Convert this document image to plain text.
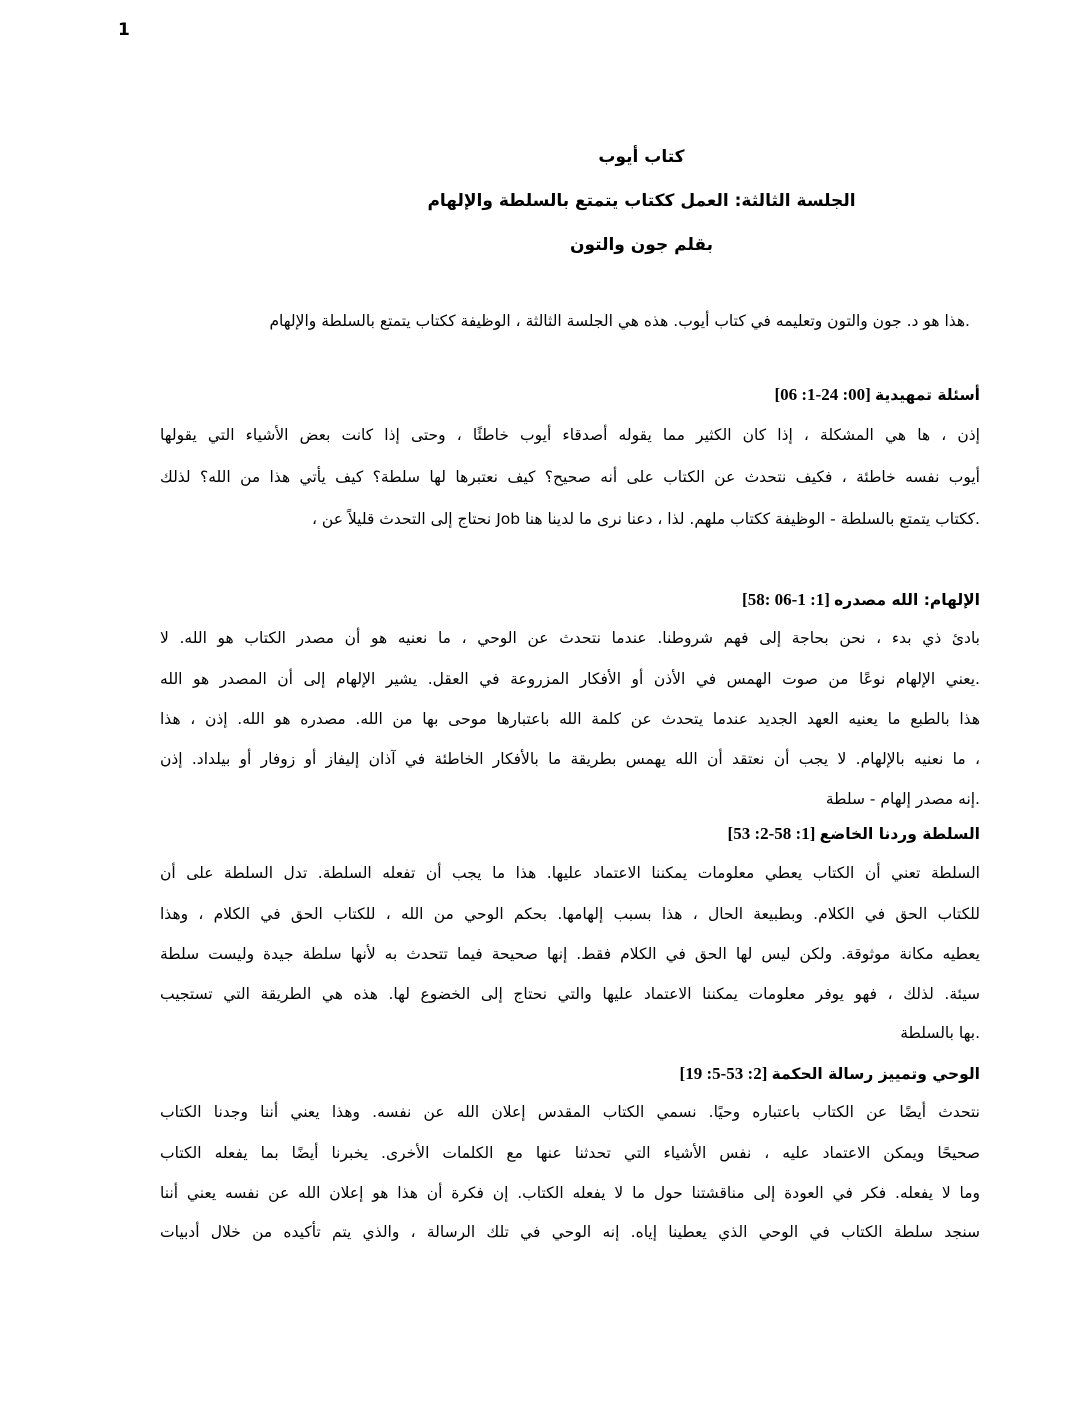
1
كتاب أيوب
الجلسة الثالثة: العمل ككتاب يتمتع بالسلطة والإلهام
بقلم جون والتون
.هذا هو د. جون والتون وتعليمه في كتاب أيوب. هذه هي الجلسة الثالثة ، الوظيفة ككتاب يتمتع بالسلطة والإلهام
أسئلة تمهيدية [00: 24-1: 06]
إذن ، ها هي المشكلة ، إذا كان الكثير مما يقوله أصدقاء أيوب خاطئًا ، وحتى إذا كانت بعض الأشياء التي يقولها
أيوب نفسه خاطئة ، فكيف نتحدث عن الكتاب على أنه صحيح؟ كيف نعتبرها لها سلطة؟ كيف يأتي هذا من الله؟ لذلك
.ككتاب يتمتع بالسلطة - الوظيفة ككتاب ملهم. لذا ، دعنا نرى ما لدينا هنا Job نحتاج إلى التحدث قليلاً عن ،
الإلهام: الله مصدره [1: 1-06 :58]
بادئ ذي بدء ، نحن بحاجة إلى فهم شروطنا. عندما نتحدث عن الوحي ، ما نعنيه هو أن مصدر الكتاب هو الله. لا
.يعني الإلهام نوعًا من صوت الهمس في الأذن أو الأفكار المزروعة في العقل. يشير الإلهام إلى أن المصدر هو الله
هذا بالطبع ما يعنيه العهد الجديد عندما يتحدث عن كلمة الله باعتبارها موحى بها من الله. مصدره هو الله. إذن ، هذا
، ما نعنيه بالإلهام. لا يجب أن نعتقد أن الله يهمس بطريقة ما بالأفكار الخاطئة في آذان إليفاز أو زوفار أو بيلداد. إذن
.إنه مصدر إلهام - سلطة
السلطة وردنا الخاضع [1: 58-2: 53]
السلطة تعني أن الكتاب يعطي معلومات يمكننا الاعتماد عليها. هذا ما يجب أن تفعله السلطة. تدل السلطة على أن
للكتاب الحق في الكلام. وبطبيعة الحال ، هذا بسبب إلهامها. بحكم الوحي من الله ، للكتاب الحق في الكلام ، وهذا
يعطيه مكانة موثوقة. ولكن ليس لها الحق في الكلام فقط. إنها صحيحة فيما تتحدث به لأنها سلطة جيدة وليست سلطة
سيئة. لذلك ، فهو يوفر معلومات يمكننا الاعتماد عليها والتي نحتاج إلى الخضوع لها. هذه هي الطريقة التي تستجيب
.بها بالسلطة
الوحي وتمييز رسالة الحكمة [2: 53-5: 19]
نتحدث أيضًا عن الكتاب باعتباره وحيًا. نسمي الكتاب المقدس إعلان الله عن نفسه. وهذا يعني أننا وجدنا الكتاب
صحيحًا ويمكن الاعتماد عليه ، نفس الأشياء التي تحدثنا عنها مع الكلمات الأخرى. يخبرنا أيضًا بما يفعله الكتاب
وما لا يفعله. فكر في العودة إلى مناقشتنا حول ما لا يفعله الكتاب. إن فكرة أن هذا هو إعلان الله عن نفسه يعني أننا
سنجد سلطة الكتاب في الوحي الذي يعطينا إياه. إنه الوحي في تلك الرسالة ، والذي يتم تأكيده من خلال أدبيات
